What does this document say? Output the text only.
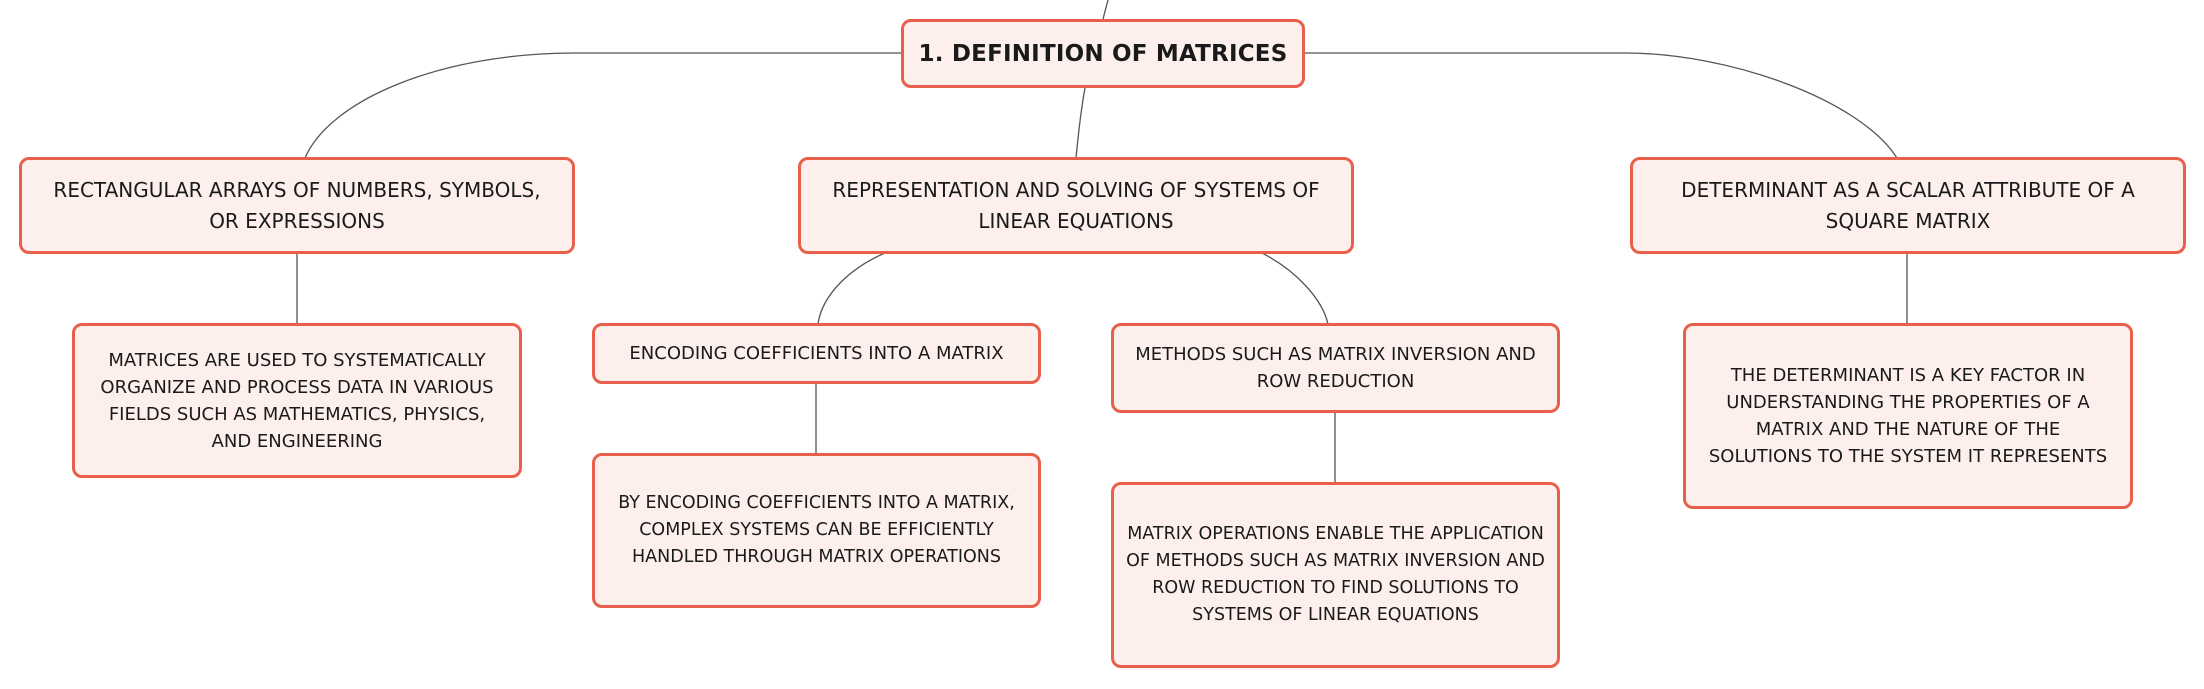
1. DEFINITION OF MATRICES
RECTANGULAR ARRAYS OF NUMBERS, SYMBOLS, OR EXPRESSIONS
REPRESENTATION AND SOLVING OF SYSTEMS OF LINEAR EQUATIONS
DETERMINANT AS A SCALAR ATTRIBUTE OF A SQUARE MATRIX
MATRICES ARE USED TO SYSTEMATICALLY ORGANIZE AND PROCESS DATA IN VARIOUS FIELDS SUCH AS MATHEMATICS, PHYSICS, AND ENGINEERING
ENCODING COEFFICIENTS INTO A MATRIX	METHODS SUCH AS MATRIX INVERSION AND ROW REDUCTION
BY ENCODING COEFFICIENTS INTO A MATRIX, COMPLEX SYSTEMS CAN BE EFFICIENTLY HANDLED THROUGH MATRIX OPERATIONS
MATRIX OPERATIONS ENABLE THE APPLICATION OF METHODS SUCH AS MATRIX INVERSION AND ROW REDUCTION TO FIND SOLUTIONS TO SYSTEMS OF LINEAR EQUATIONS
THE DETERMINANT IS A KEY FACTOR IN UNDERSTANDING THE PROPERTIES OF A MATRIX AND THE NATURE OF THE SOLUTIONS TO THE SYSTEM IT REPRESENTS
